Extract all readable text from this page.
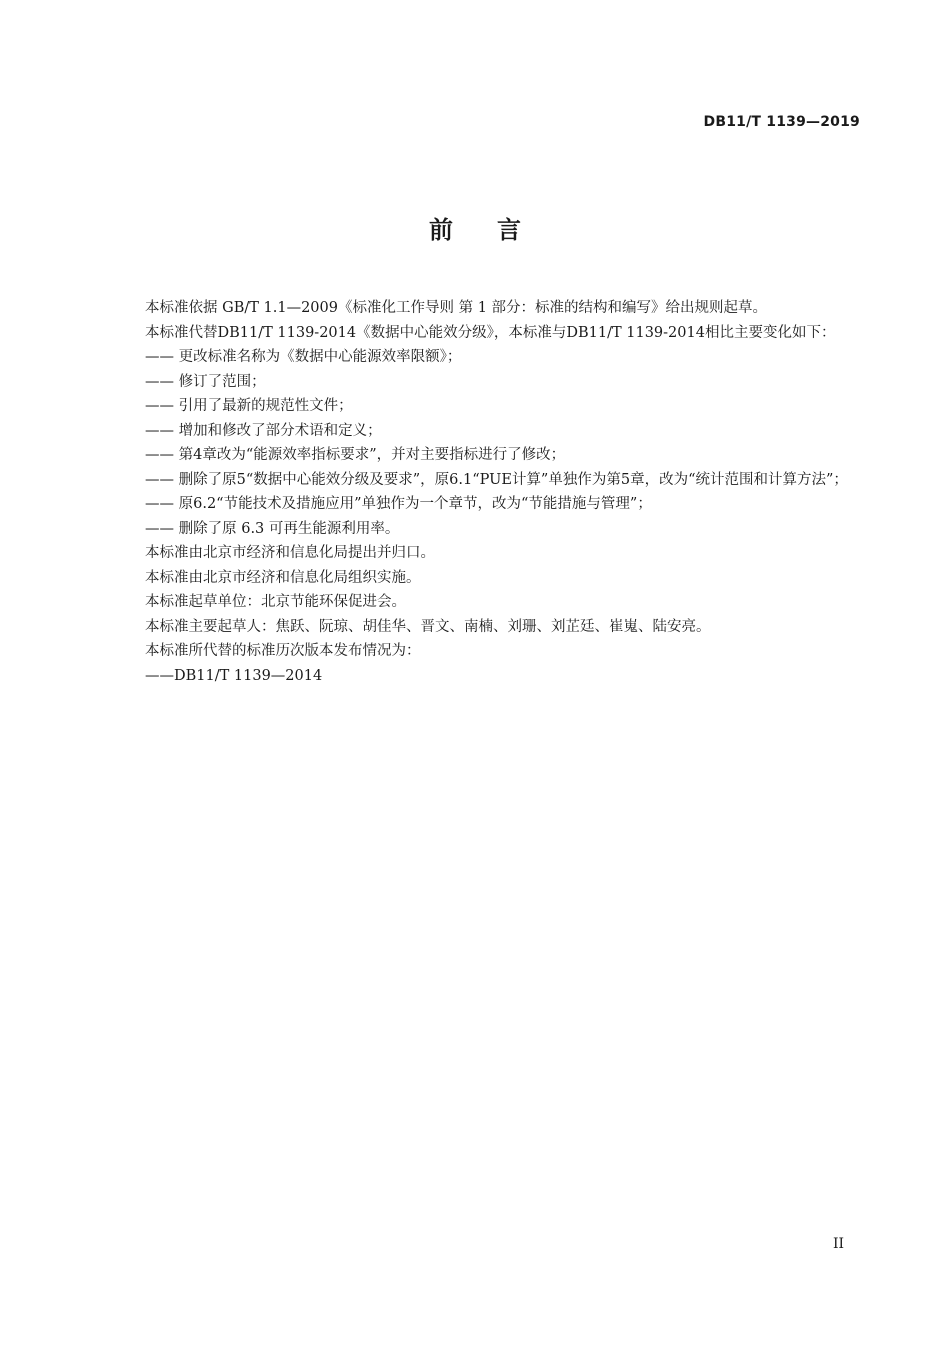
DB11/T 1139—2019
前言

本标准依据 GB/T 1.1—2009《标准化工作导则 第 1 部分：标准的结构和编写》给出规则起草。

本标准代替DB11/T 1139-2014《数据中心能效分级》，本标准与DB11/T 1139-2014相比主要变化如下：

—— 更改标准名称为《数据中心能源效率限额》；

—— 修订了范围；

—— 引用了最新的规范性文件；

—— 增加和修改了部分术语和定义；

—— 第4章改为“能源效率指标要求”，并对主要指标进行了修改；

—— 删除了原5“数据中心能效分级及要求”，原6.1“PUE计算”单独作为第5章，改为“统计范围和计算方法”；

—— 原6.2“节能技术及措施应用”单独作为一个章节，改为“节能措施与管理”；

—— 删除了原 6.3 可再生能源利用率。

本标准由北京市经济和信息化局提出并归口。

本标准由北京市经济和信息化局组织实施。

本标准起草单位：北京节能环保促进会。

本标准主要起草人：焦跃、阮琼、胡佳华、晋文、南楠、刘珊、刘芷廷、崔嵬、陆安亮。

本标准所代替的标准历次版本发布情况为：

——DB11/T 1139—2014

II
